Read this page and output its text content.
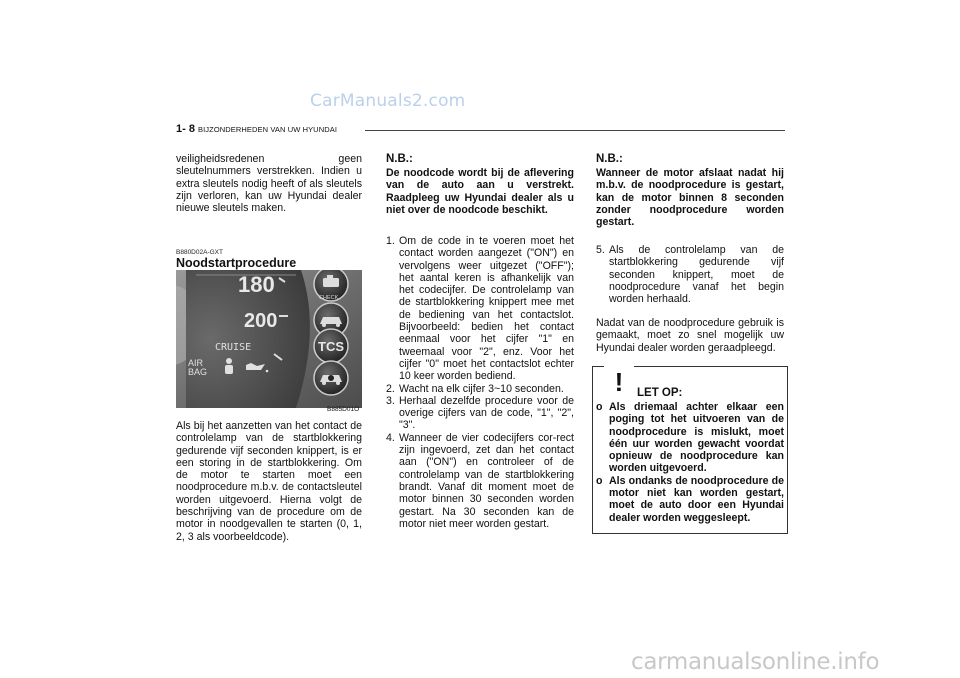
CarManuals2.com
1- 8 BIJZONDERHEDEN VAN UW HYUNDAI
veiligheidsredenen geen sleutelnummers verstrekken. Indien u extra sleutels nodig heeft of als sleutels zijn verloren, kan uw Hyundai dealer nieuwe sleutels maken.
B880D02A-GXT
Noodstartprocedure
180
200
CRUISE
AIR
BAG
CHECK
TCS
B885D01O
Als bij het aanzetten van het contact de controlelamp van de startblokkering gedurende vijf seconden knippert, is er een storing in de startblokkering. Om de motor te starten moet een noodprocedure m.b.v. de contactsleutel worden uitgevoerd. Hierna volgt de beschrijving van de procedure om de motor in noodgevallen te starten (0, 1, 2, 3 als voorbeeldcode).
N.B.:
De noodcode wordt bij de aflevering van de auto aan u verstrekt. Raadpleeg uw Hyundai dealer als u niet over de noodcode beschikt.
1. Om de code in te voeren moet het contact worden aangezet ("ON") en vervolgens weer uitgezet ("OFF"); het aantal keren is afhankelijk van het codecijfer. De controlelamp van de startblokkering knippert mee met de bediening van het contactslot. Bijvoorbeeld: bedien het contact eenmaal voor het cijfer "1" en tweemaal voor "2", enz. Voor het cijfer "0" moet het contactslot echter 10 keer worden bediend.
2. Wacht na elk cijfer 3~10 seconden.
3. Herhaal dezelfde procedure voor de overige cijfers van de code, "1", "2", "3".
4. Wanneer de vier codecijfers cor-rect zijn ingevoerd, zet dan het contact aan ("ON") en controleer of de controlelamp van de startblokkering brandt. Vanaf dit moment moet de motor binnen 30 seconden worden gestart. Na 30 seconden kan de motor niet meer worden gestart.
N.B.:
Wanneer de motor afslaat nadat hij m.b.v. de noodprocedure is gestart, kan de motor binnen 8 seconden zonder noodprocedure worden gestart.
5. Als de controlelamp van de startblokkering gedurende vijf seconden knippert, moet de noodprocedure vanaf het begin worden herhaald.
Nadat van de noodprocedure gebruik is gemaakt, moet zo snel mogelijk uw Hyundai dealer worden geraadpleegd.
! LET OP:
o Als driemaal achter elkaar een poging tot het uitvoeren van de noodprocedure is mislukt, moet één uur worden gewacht voordat opnieuw de noodprocedure kan worden uitgevoerd.
o Als ondanks de noodprocedure de motor niet kan worden gestart, moet de auto door een Hyundai dealer worden weggesleept.
carmanualsonline.info
